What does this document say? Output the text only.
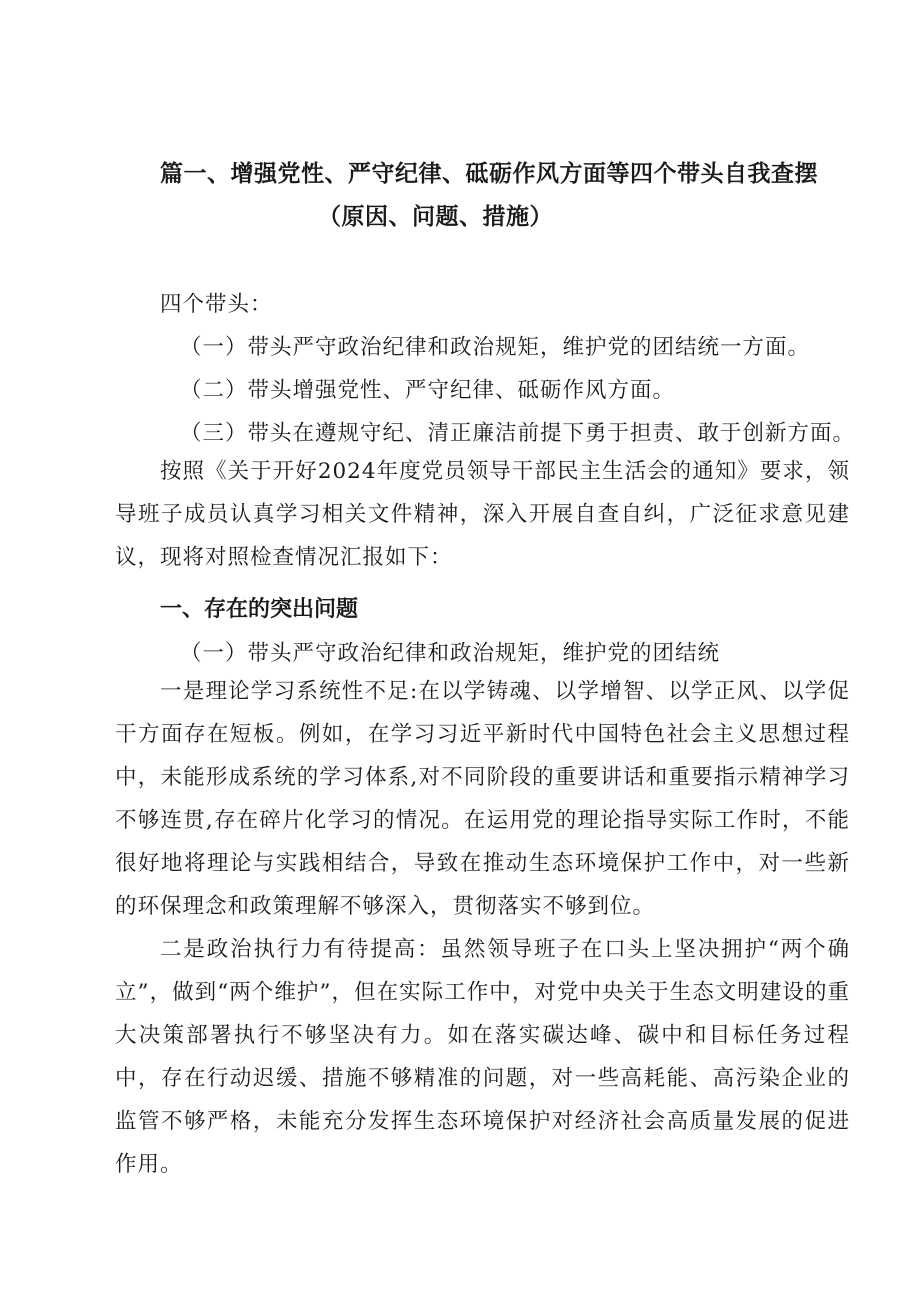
篇一、增强党性、严守纪律、砥砺作风方面等四个带头自我查摆
（原因、问题、措施）
四个带头：
（一）带头严守政治纪律和政治规矩，维护党的团结统一方面。
（二）带头增强党性、严守纪律、砥砺作风方面。
（三）带头在遵规守纪、清正廉洁前提下勇于担责、敢于创新方面。
按照《关于开好2024年度党员领导干部民主生活会的通知》要求，领导班子成员认真学习相关文件精神，深入开展自查自纠，广泛征求意见建议，现将对照检查情况汇报如下：
一、存在的突出问题
（一）带头严守政治纪律和政治规矩，维护党的团结统
一是理论学习系统性不足:在以学铸魂、以学增智、以学正风、以学促干方面存在短板。例如，在学习习近平新时代中国特色社会主义思想过程中，未能形成系统的学习体系,对不同阶段的重要讲话和重要指示精神学习不够连贯,存在碎片化学习的情况。在运用党的理论指导实际工作时，不能很好地将理论与实践相结合，导致在推动生态环境保护工作中，对一些新的环保理念和政策理解不够深入，贯彻落实不够到位。
二是政治执行力有待提高：虽然领导班子在口头上坚决拥护“两个确立”，做到“两个维护”，但在实际工作中，对党中央关于生态文明建设的重大决策部署执行不够坚决有力。如在落实碳达峰、碳中和目标任务过程中，存在行动迟缓、措施不够精准的问题，对一些高耗能、高污染企业的监管不够严格，未能充分发挥生态环境保护对经济社会高质量发展的促进作用。
